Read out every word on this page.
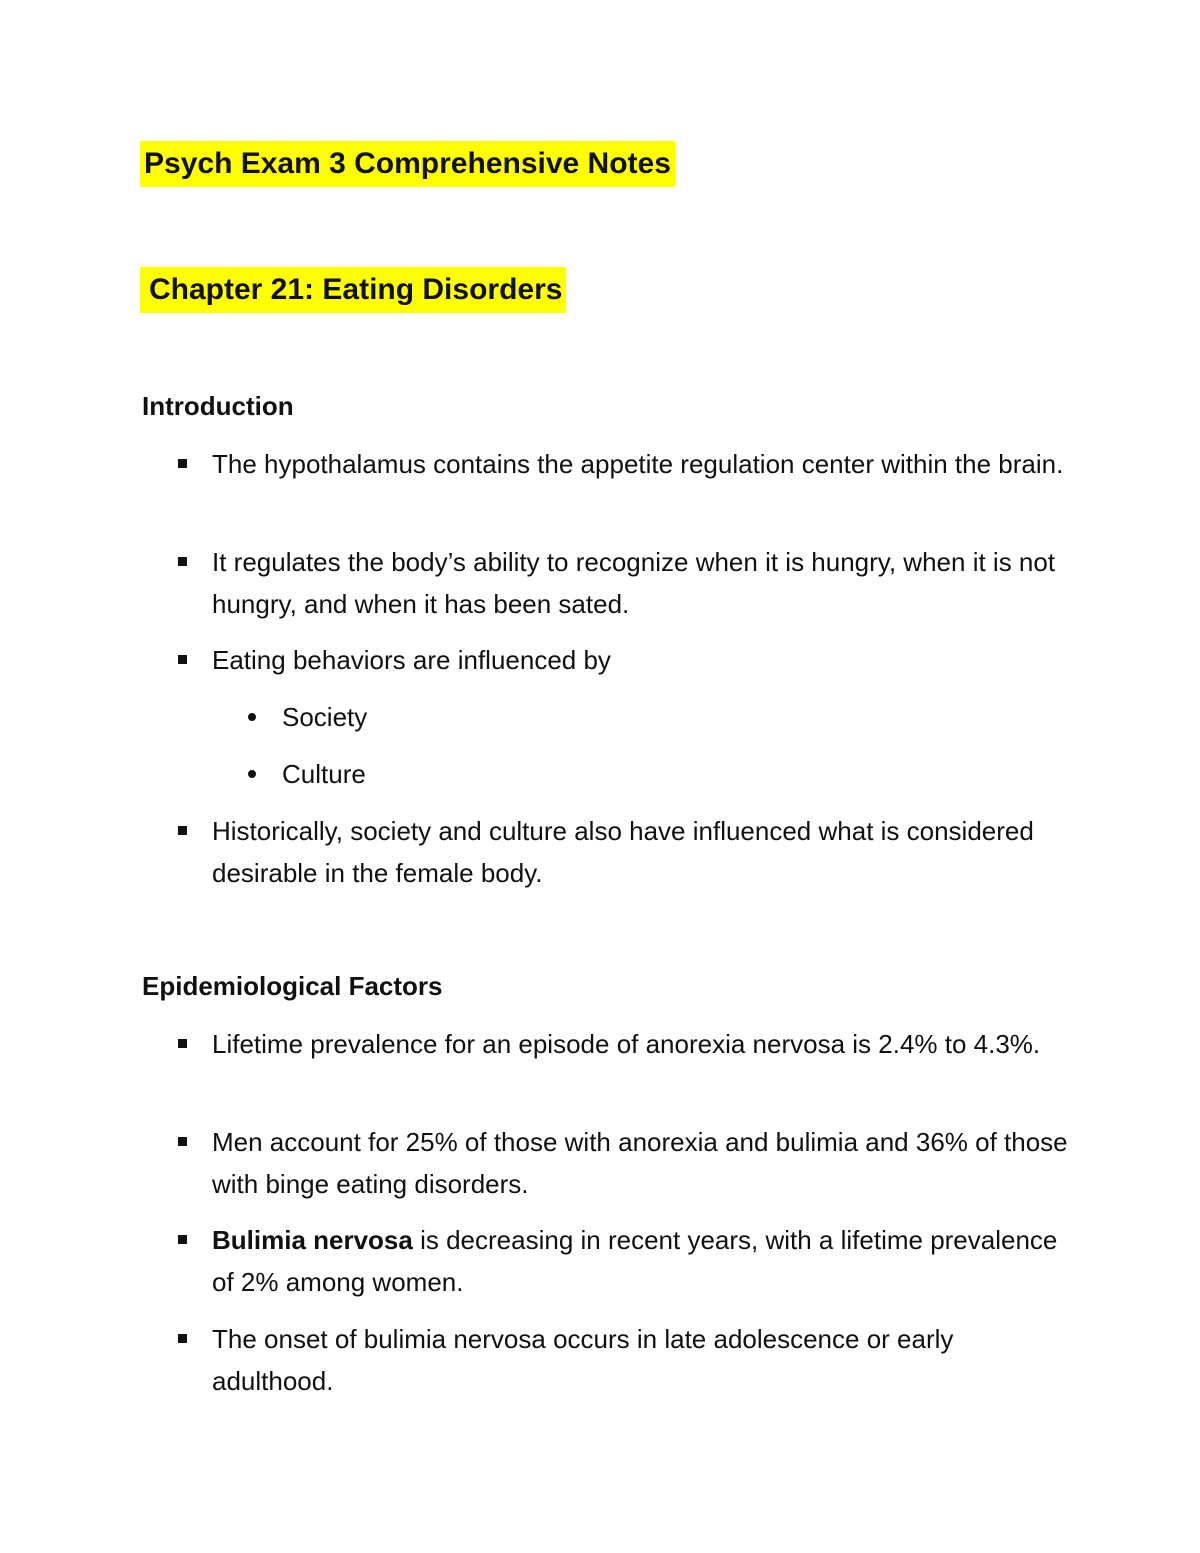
Psych Exam 3 Comprehensive Notes
Chapter 21: Eating Disorders
Introduction
The hypothalamus contains the appetite regulation center within the brain.
It regulates the body’s ability to recognize when it is hungry, when it is not hungry, and when it has been sated.
Eating behaviors are influenced by
Society
Culture
Historically, society and culture also have influenced what is considered desirable in the female body.
Epidemiological Factors
Lifetime prevalence for an episode of anorexia nervosa is 2.4% to 4.3%.
Men account for 25% of those with anorexia and bulimia and 36% of those with binge eating disorders.
Bulimia nervosa is decreasing in recent years, with a lifetime prevalence of 2% among women.
The onset of bulimia nervosa occurs in late adolescence or early adulthood.
